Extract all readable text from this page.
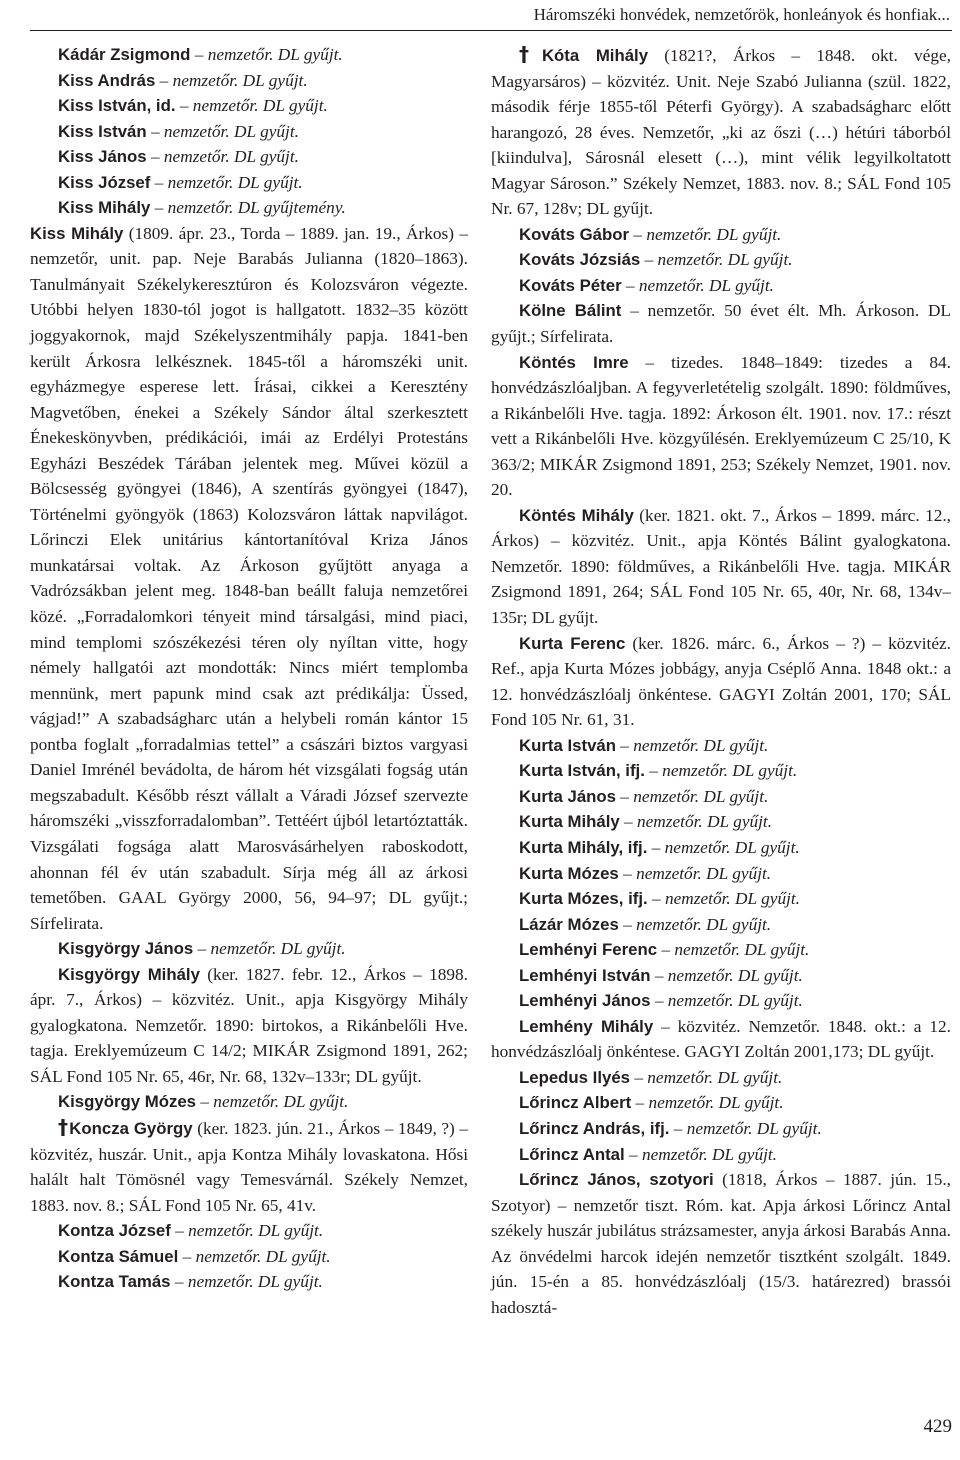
Háromszéki honvédek, nemzetőrök, honleányok és honfiak...
Kádár Zsigmond – nemzetőr. DL gyűjt.
Kiss András – nemzetőr. DL gyűjt.
Kiss István, id. – nemzetőr. DL gyűjt.
Kiss István – nemzetőr. DL gyűjt.
Kiss János – nemzetőr. DL gyűjt.
Kiss József – nemzetőr. DL gyűjt.
Kiss Mihály – nemzetőr. DL gyűjtemény.
Kiss Mihály (1809. ápr. 23., Torda – 1889. jan. 19., Árkos) – nemzetőr, unit. pap. Neje Barabás Julianna (1820–1863). Tanulmányait Székelykeresztúron és Kolozsváron végezte. Utóbbi helyen 1830-tól jogot is hallgatott. 1832–35 között joggyakornok, majd Székelyszentmihály papja. 1841-ben került Árkosra lelkésznek. 1845-től a háromszéki unit. egyházmegye esperese lett. Írásai, cikkei a Keresztény Magvetőben, énekei a Székely Sándor által szerkesztett Énekeskönyvben, prédikációi, imái az Erdélyi Protestáns Egyházi Beszédek Tárában jelentek meg. Művei közül a Bölcsesség gyöngyei (1846), A szentírás gyöngyei (1847), Történelmi gyöngyök (1863) Kolozsváron láttak napvilágot. Lőrinczi Elek unitárius kántortanítóval Kriza János munkatársai voltak. Az Árkoson gyűjtött anyaga a Vadrózsákban jelent meg. 1848-ban beállt faluja nemzetőrei közé. „Forradalomkori tényeit mind társalgási, mind piaci, mind templomi szószékezési téren oly nyíltan vitte, hogy némely hallgatói azt mondották: Nincs miért templomba mennünk, mert papunk mind csak azt prédikálja: Üssed, vágjad!” A szabadságharc után a helybeli román kántor 15 pontba foglalt „forradalmias tettel” a császári biztos vargyasi Daniel Imrénél bevádolta, de három hét vizsgálati fogság után megszabadult. Később részt vállalt a Váradi József szervezte háromszéki „visszforradalomban”. Tettéért újból letartóztatták. Vizsgálati fogsága alatt Marosvásárhelyen raboskodott, ahonnan fél év után szabadult. Sírja még áll az árkosi temetőben. GAAL György 2000, 56, 94–97; DL gyűjt.; Sírfelirata.
Kisgyörgy János – nemzetőr. DL gyűjt.
Kisgyörgy Mihály (ker. 1827. febr. 12., Árkos – 1898. ápr. 7., Árkos) – közvitéz. Unit., apja Kisgyörgy Mihály gyalogkatona. Nemzetőr. 1890: birtokos, a Rikánbelőli Hve. tagja. Ereklyemúzeum C 14/2; MIKÁR Zsigmond 1891, 262; SÁL Fond 105 Nr. 65, 46r, Nr. 68, 132v–133r; DL gyűjt.
Kisgyörgy Mózes – nemzetőr. DL gyűjt.
†Koncza György (ker. 1823. jún. 21., Árkos – 1849, ?) – közvitéz, huszár. Unit., apja Kontza Mihály lovaskatona. Hősi halált halt Tömösnél vagy Temesvárnál. Székely Nemzet, 1883. nov. 8.; SÁL Fond 105 Nr. 65, 41v.
Kontza József – nemzetőr. DL gyűjt.
Kontza Sámuel – nemzetőr. DL gyűjt.
Kontza Tamás – nemzetőr. DL gyűjt.
†Kóta Mihály (1821?, Árkos – 1848. okt. vége, Magyarsáros) – közvitéz. Unit. Neje Szabó Julianna (szül. 1822, második férje 1855-től Péterfi György). A szabadságharc előtt harangozó, 28 éves. Nemzetőr, „ki az őszi (…) hétúri táborból [kiindulva], Sárosnál elesett (…), mint vélik legyilkoltatott Magyar Sároson.” Székely Nemzet, 1883. nov. 8.; SÁL Fond 105 Nr. 67, 128v; DL gyűjt.
Kováts Gábor – nemzetőr. DL gyűjt.
Kováts Józsiás – nemzetőr. DL gyűjt.
Kováts Péter – nemzetőr. DL gyűjt.
Kölne Bálint – nemzetőr. 50 évet élt. Mh. Árkoson. DL gyűjt.; Sírfelirata.
Köntés Imre – tizedes. 1848–1849: tizedes a 84. honvédzászlóaljban. A fegyverletételig szolgált. 1890: földműves, a Rikánbelőli Hve. tagja. 1892: Árkoson élt. 1901. nov. 17.: részt vett a Rikánbelőli Hve. közgyűlésén. Ereklyemúzeum C 25/10, K 363/2; MIKÁR Zsigmond 1891, 253; Székely Nemzet, 1901. nov. 20.
Köntés Mihály (ker. 1821. okt. 7., Árkos – 1899. márc. 12., Árkos) – közvitéz. Unit., apja Köntés Bálint gyalogkatona. Nemzetőr. 1890: földműves, a Rikánbelőli Hve. tagja. MIKÁR Zsigmond 1891, 264; SÁL Fond 105 Nr. 65, 40r, Nr. 68, 134v–135r; DL gyűjt.
Kurta Ferenc (ker. 1826. márc. 6., Árkos – ?) – közvitéz. Ref., apja Kurta Mózes jobbágy, anyja Cséplő Anna. 1848 okt.: a 12. honvédzászlóalj önkéntese. GAGYI Zoltán 2001, 170; SÁL Fond 105 Nr. 61, 31.
Kurta István – nemzetőr. DL gyűjt.
Kurta István, ifj. – nemzetőr. DL gyűjt.
Kurta János – nemzetőr. DL gyűjt.
Kurta Mihály – nemzetőr. DL gyűjt.
Kurta Mihály, ifj. – nemzetőr. DL gyűjt.
Kurta Mózes – nemzetőr. DL gyűjt.
Kurta Mózes, ifj. – nemzetőr. DL gyűjt.
Lázár Mózes – nemzetőr. DL gyűjt.
Lemhényi Ferenc – nemzetőr. DL gyűjt.
Lemhényi István – nemzetőr. DL gyűjt.
Lemhényi János – nemzetőr. DL gyűjt.
Lemhény Mihály – közvitéz. Nemzetőr. 1848. okt.: a 12. honvédzászlóalj önkéntese. GAGYI Zoltán 2001,173; DL gyűjt.
Lepedus Ilyés – nemzetőr. DL gyűjt.
Lőrincz Albert – nemzetőr. DL gyűjt.
Lőrincz András, ifj. – nemzetőr. DL gyűjt.
Lőrincz Antal – nemzetőr. DL gyűjt.
Lőrincz János, szotyori (1818, Árkos – 1887. jún. 15., Szotyor) – nemzetőr tiszt. Róm. kat. Apja árkosi Lőrincz Antal székely huszár jubilátus strázsamester, anyja árkosi Barabás Anna. Az önvédelmi harcok idején nemzetőr tisztként szolgált. 1849. jún. 15-én a 85. honvédzászlóalj (15/3. határezred) brassói hadosztá-
429
